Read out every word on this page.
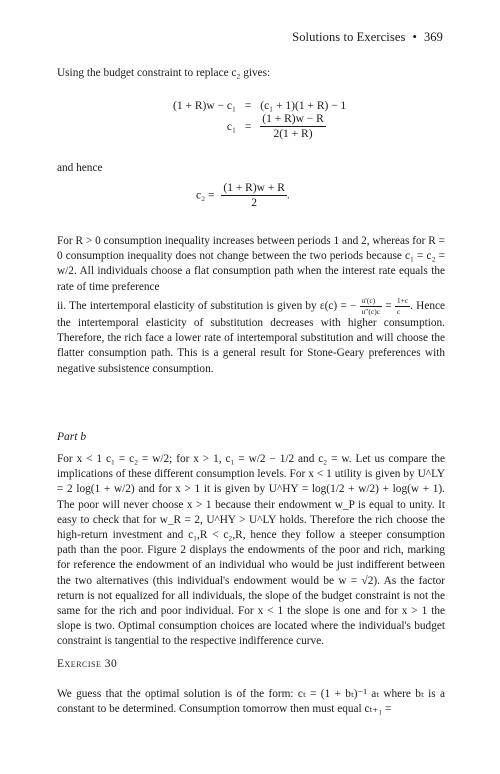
Solutions to Exercises • 369
Using the budget constraint to replace c₂ gives:
(1 + R)w − c₁ = (c₁ + 1)(1 + R) − 1
$c_1 = \frac{(1 + R)w - R}{2(1 + R)}$
and hence
$c_2 = \frac{(1 + R)w + R}{2}$ .
For R > 0 consumption inequality increases between periods 1 and 2, whereas for R = 0 consumption inequality does not change between the two periods because c₁ = c₂ = w/2. All individuals choose a flat consumption path when the interest rate equals the rate of time preference
ii. The intertemporal elasticity of substitution is given by ε(c) = − $\frac{u'(c)}{u''(c)c} = \frac{1+c}{c}$ . Hence the intertemporal elasticity of substitution decreases with higher consumption. Therefore, the rich face a lower rate of intertemporal substitution and will choose the flatter consumption path. This is a general result for Stone-Geary preferences with negative subsistence consumption.
Part b
For x < 1 c₁ = c₂ = w/2; for x > 1, c₁ = w/2 − 1/2 and c₂ = w. Let us compare the implications of these different consumption levels. For x < 1 utility is given by U^LY = 2 log(1 + w/2) and for x > 1 it is given by U^HY = log(1/2 + w/2) + log(w + 1). The poor will never choose x > 1 because their endowment w_P is equal to unity. It easy to check that for w_R = 2, U^HY > U^LY holds. Therefore the rich choose the high-return investment and c₁,R < c₂,R, hence they follow a steeper consumption path than the poor. Figure 2 displays the endowments of the poor and rich, marking for reference the endowment of an individual who would be just indifferent between the two alternatives (this individual's endowment would be w = √2). As the factor return is not equalized for all individuals, the slope of the budget constraint is not the same for the rich and poor individual. For x < 1 the slope is one and for x > 1 the slope is two. Optimal consumption choices are located where the individual's budget constraint is tangential to the respective indifference curve.
Exercise 30
We guess that the optimal solution is of the form: cₜ = (1 + bₜ)⁻¹ aₜ where bₜ is a constant to be determined. Consumption tomorrow then must equal cₜ₊₁ =
